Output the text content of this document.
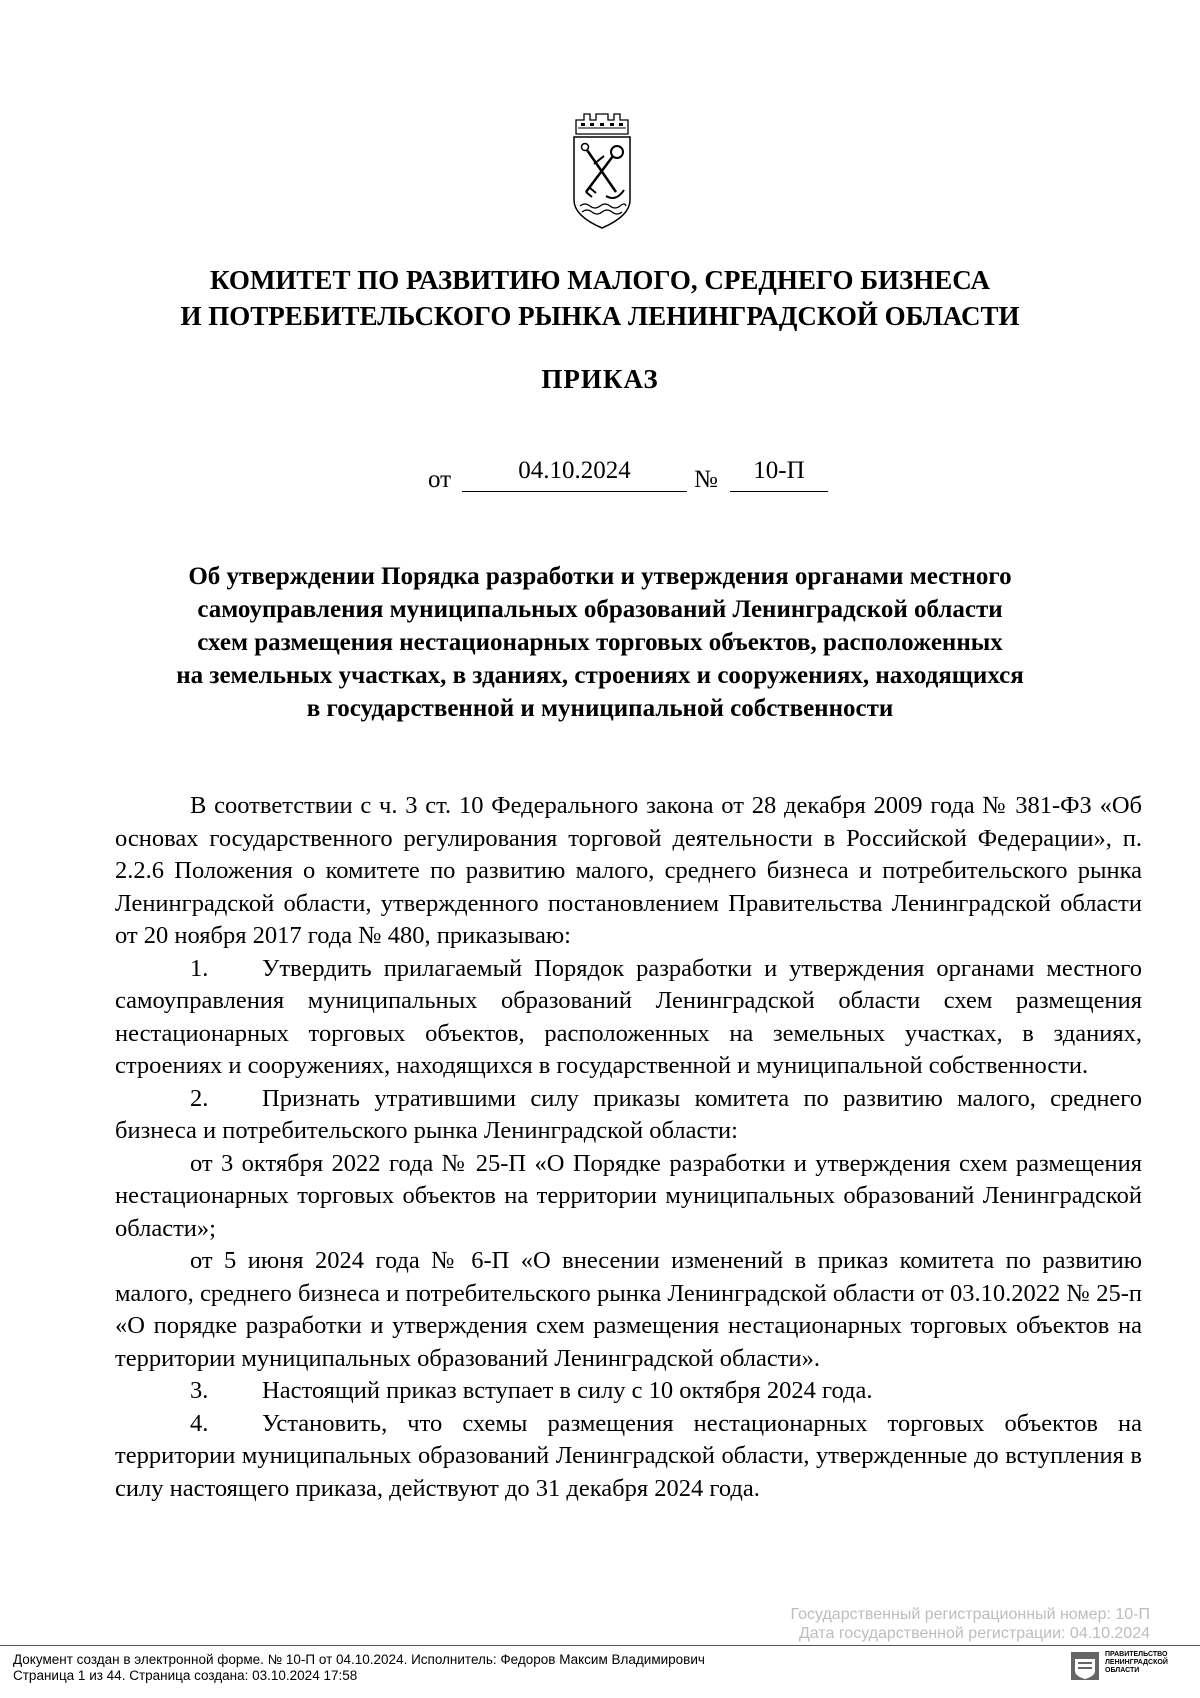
КОМИТЕТ ПО РАЗВИТИЮ МАЛОГО, СРЕДНЕГО БИЗНЕСА
И ПОТРЕБИТЕЛЬСКОГО РЫНКА ЛЕНИНГРАДСКОЙ ОБЛАСТИ
ПРИКАЗ
от	04.10.2024	№	10-П
Об утверждении Порядка разработки и утверждения органами местного
самоуправления муниципальных образований Ленинградской области
схем размещения нестационарных торговых объектов, расположенных
на земельных участках, в зданиях, строениях и сооружениях, находящихся
в государственной и муниципальной собственности

В соответствии с ч. 3 ст. 10 Федерального закона от 28 декабря 2009 года № 381-ФЗ «Об основах государственного регулирования торговой деятельности в Российской Федерации», п. 2.2.6 Положения о комитете по развитию малого, среднего бизнеса и потребительского рынка Ленинградской области, утвержденного постановлением Правительства Ленинградской области от 20 ноября 2017 года № 480, приказываю:

1. Утвердить прилагаемый Порядок разработки и утверждения органами местного самоуправления муниципальных образований Ленинградской области схем размещения нестационарных торговых объектов, расположенных на земельных участках, в зданиях, строениях и сооружениях, находящихся в государственной и муниципальной собственности.

2. Признать утратившими силу приказы комитета по развитию малого, среднего бизнеса и потребительского рынка Ленинградской области:

от 3 октября 2022 года № 25-П «О Порядке разработки и утверждения схем размещения нестационарных торговых объектов на территории муниципальных образований Ленинградской области»;

от 5 июня 2024 года № 6-П «О внесении изменений в приказ комитета по развитию малого, среднего бизнеса и потребительского рынка Ленинградской области от 03.10.2022 № 25-п «О порядке разработки и утверждения схем размещения нестационарных торговых объектов на территории муниципальных образований Ленинградской области».

3. Настоящий приказ вступает в силу с 10 октября 2024 года.

4. Установить, что схемы размещения нестационарных торговых объектов на территории муниципальных образований Ленинградской области, утвержденные до вступления в силу настоящего приказа, действуют до 31 декабря 2024 года.

Государственный регистрационный номер: 10-П
Дата государственной регистрации: 04.10.2024
Документ создан в электронной форме. № 10-П от 04.10.2024. Исполнитель: Федоров Максим Владимирович
Страница 1 из 44. Страница создана: 03.10.2024 17:58
ПРАВИТЕЛЬСТВО
ЛЕНИНГРАДСКОЙ
ОБЛАСТИ
